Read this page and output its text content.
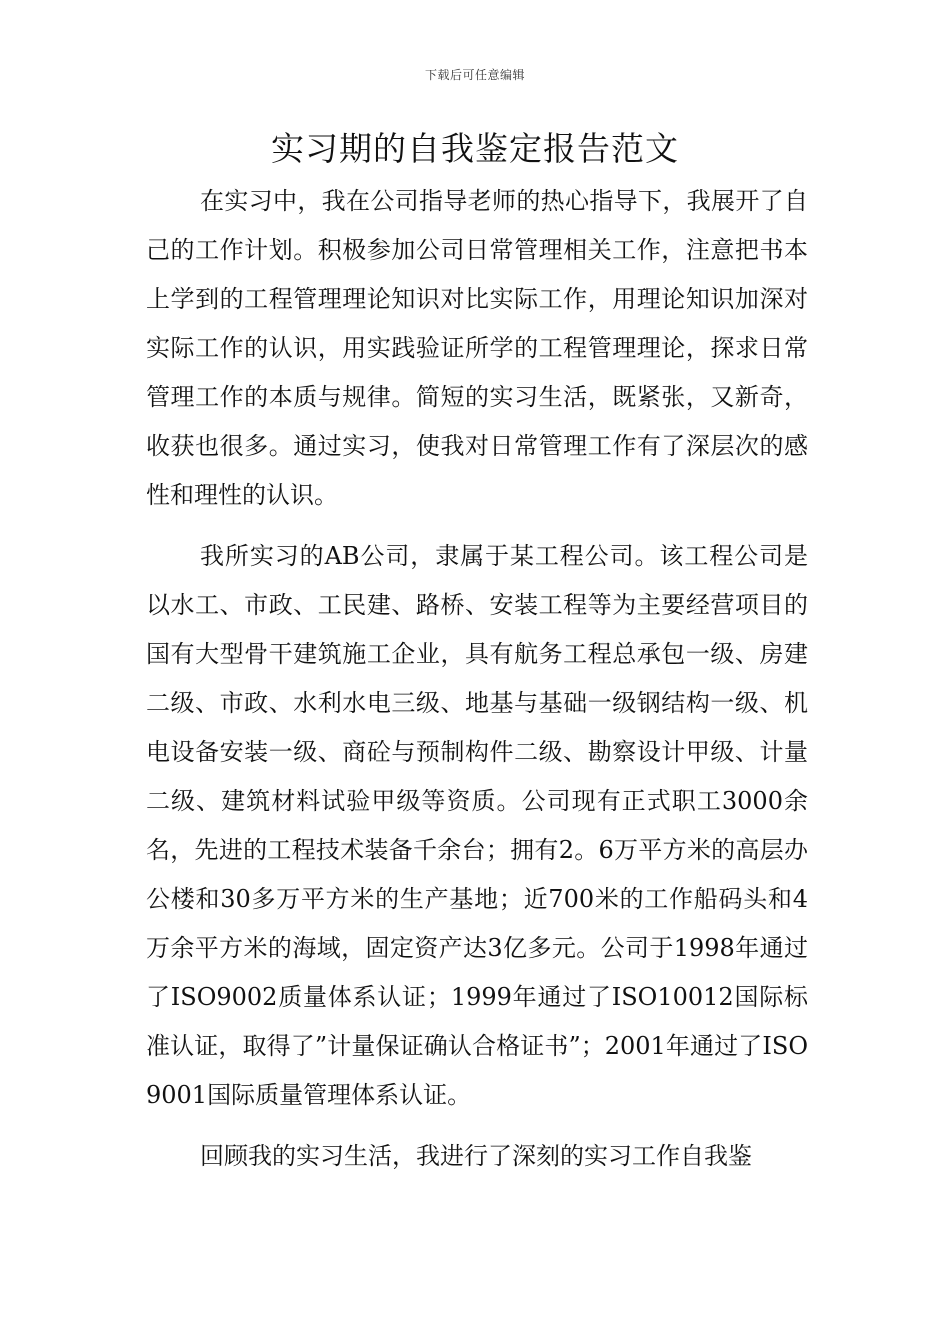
下载后可任意编辑
实习期的自我鉴定报告范文

在实习中，我在公司指导老师的热心指导下，我展开了自己的工作计划。积极参加公司日常管理相关工作，注意把书本上学到的工程管理理论知识对比实际工作，用理论知识加深对实际工作的认识，用实践验证所学的工程管理理论，探求日常管理工作的本质与规律。简短的实习生活，既紧张，又新奇，收获也很多。通过实习，使我对日常管理工作有了深层次的感性和理性的认识。

我所实习的AB公司，隶属于某工程公司。该工程公司是以水工、市政、工民建、路桥、安装工程等为主要经营项目的国有大型骨干建筑施工企业，具有航务工程总承包一级、房建二级、市政、水利水电三级、地基与基础一级钢结构一级、机电设备安装一级、商砼与预制构件二级、勘察设计甲级、计量二级、建筑材料试验甲级等资质。公司现有正式职工3000余名，先进的工程技术装备千余台；拥有2。6万平方米的高层办公楼和30多万平方米的生产基地；近700米的工作船码头和4万余平方米的海域，固定资产达3亿多元。公司于1998年通过了ISO9002质量体系认证；1999年通过了ISO10012国际标准认证，取得了”计量保证确认合格证书”；2001年通过了ISO9001国际质量管理体系认证。

回顾我的实习生活，我进行了深刻的实习工作自我鉴
